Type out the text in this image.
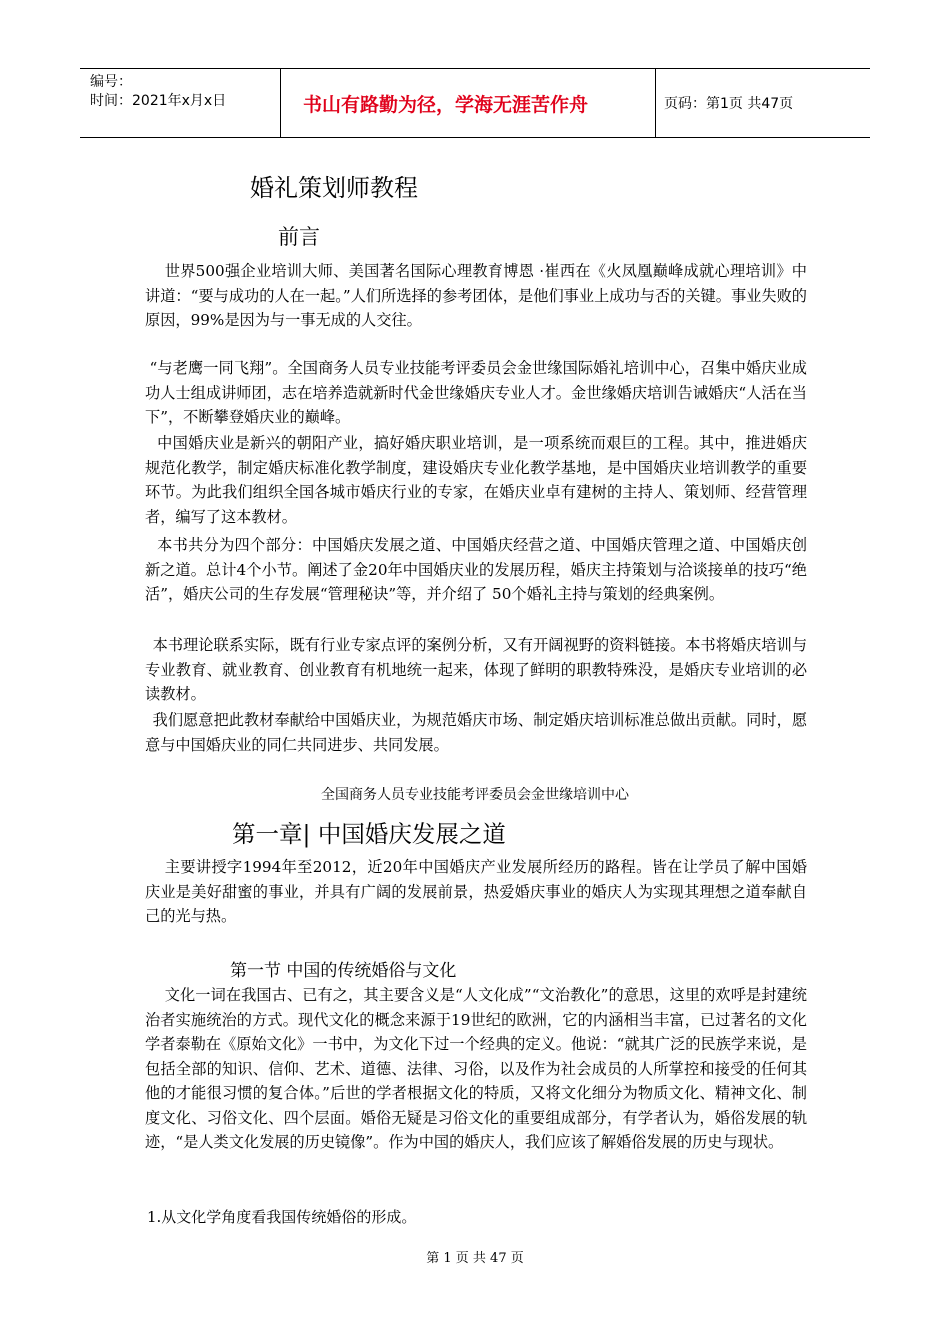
编号：
时间：2021年x月x日	书山有路勤为径，学海无涯苦作舟	页码：第1页 共47页
婚礼策划师教程
前言

世界500强企业培训大师、美国著名国际心理教育博恩 ·崔西在《火凤凰巅峰成就心理培训》中讲道：“要与成功的人在一起。”人们所选择的参考团体，是他们事业上成功与否的关键。事业失败的原因，99%是因为与一事无成的人交往。

“与老鹰一同飞翔”。全国商务人员专业技能考评委员会金世缘国际婚礼培训中心，召集中婚庆业成功人士组成讲师团，志在培养造就新时代金世缘婚庆专业人才。金世缘婚庆培训告诫婚庆“人活在当下”，不断攀登婚庆业的巅峰。

中国婚庆业是新兴的朝阳产业，搞好婚庆职业培训，是一项系统而艰巨的工程。其中，推进婚庆规范化教学，制定婚庆标准化教学制度，建设婚庆专业化教学基地，是中国婚庆业培训教学的重要环节。为此我们组织全国各城市婚庆行业的专家，在婚庆业卓有建树的主持人、策划师、经营管理者，编写了这本教材。

本书共分为四个部分：中国婚庆发展之道、中国婚庆经营之道、中国婚庆管理之道、中国婚庆创新之道。总计4个小节。阐述了金20年中国婚庆业的发展历程，婚庆主持策划与洽谈接单的技巧“绝活”，婚庆公司的生存发展“管理秘诀”等，并介绍了 50个婚礼主持与策划的经典案例。

本书理论联系实际，既有行业专家点评的案例分析，又有开阔视野的资料链接。本书将婚庆培训与专业教育、就业教育、创业教育有机地统一起来，体现了鲜明的职教特殊没，是婚庆专业培训的必读教材。

我们愿意把此教材奉献给中国婚庆业，为规范婚庆市场、制定婚庆培训标准总做出贡献。同时，愿意与中国婚庆业的同仁共同进步、共同发展。

全国商务人员专业技能考评委员会金世缘培训中心
第一章| 中国婚庆发展之道

主要讲授字1994年至2012，近20年中国婚庆产业发展所经历的路程。皆在让学员了解中国婚庆业是美好甜蜜的事业，并具有广阔的发展前景，热爱婚庆事业的婚庆人为实现其理想之道奉献自己的光与热。

第一节 中国的传统婚俗与文化

文化一词在我国古、已有之，其主要含义是“人文化成”“文治教化”的意思，这里的欢呼是封建统治者实施统治的方式。现代文化的概念来源于19世纪的欧洲，它的内涵相当丰富，已过著名的文化学者泰勒在《原始文化》一书中，为文化下过一个经典的定义。他说：“就其广泛的民族学来说，是包括全部的知识、信仰、艺术、道德、法律、习俗，以及作为社会成员的人所掌控和接受的任何其他的才能很习惯的复合体。”后世的学者根据文化的特质，又将文化细分为物质文化、精神文化、制度文化、习俗文化、四个层面。婚俗无疑是习俗文化的重要组成部分，有学者认为，婚俗发展的轨迹，“是人类文化发展的历史镜像”。作为中国的婚庆人，我们应该了解婚俗发展的历史与现状。

1.从文化学角度看我国传统婚俗的形成。
第 1 页 共 47 页
